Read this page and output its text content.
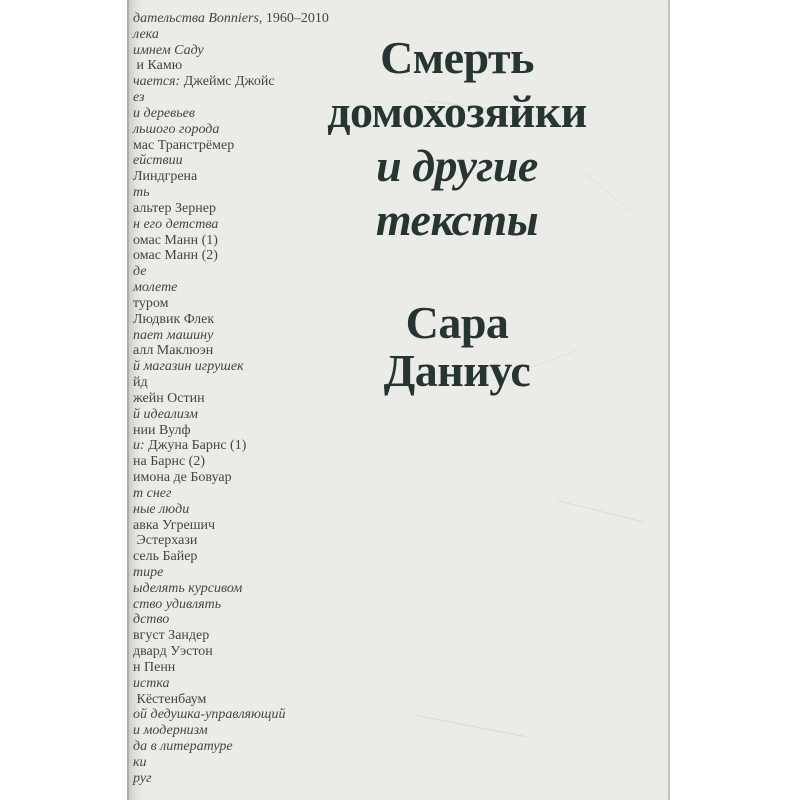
дательства Bonniers, 1960–2010
лека
имнем Саду
и Камю
чается: Джеймс Джойс
ез
и деревьев
льшого города
мас Транстрёмер
ействии
Линдгрена
ть
альтер Зернер
н его детства
омас Манн (1)
омас Манн (2)
де
молете
туром
Людвик Флек
пает машину
алл Маклюэн
й магазин игрушек
йд
жейн Остин
й идеализм
нии Вулф
и: Джуна Барнс (1)
на Барнс (2)
имона де Бовуар
т снег
ные люди
авка Угрешич
Эстерхази
сель Байер
тире
ыделять курсивом
ство удивлять
дство
вгуст Зандер
двард Уэстон
н Пенн
истка
Кёстенбаум
ой дедушка-управляющий
и модернизм
да в литературе
ки
руг
Смерть
домохозяйки
и другие
тексты
Сара
Даниус
